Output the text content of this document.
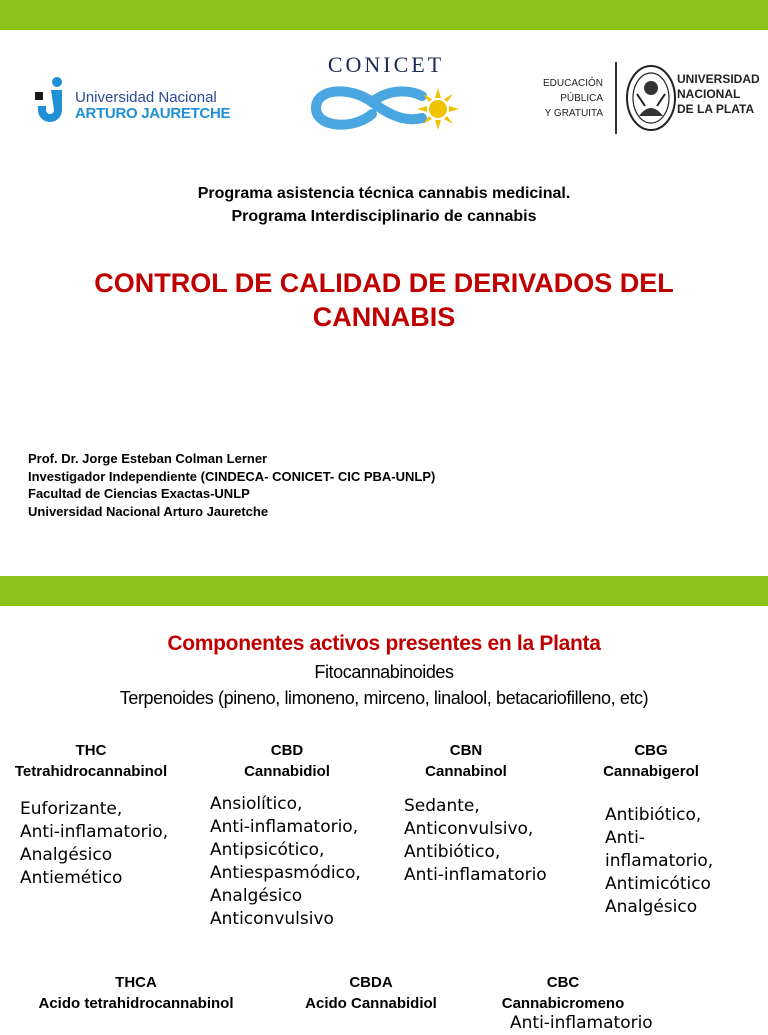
Universidad Nacional
ARTURO JAURETCHE
CONICET
EDUCACIÓN
PÚBLICA
Y GRATUITA
UNIVERSIDAD
NACIONAL
DE LA PLATA
Programa asistencia técnica cannabis medicinal.
Programa Interdisciplinario de cannabis
CONTROL DE CALIDAD DE DERIVADOS DEL
CANNABIS
Prof. Dr. Jorge Esteban Colman Lerner
Investigador Independiente (CINDECA- CONICET- CIC PBA-UNLP)
Facultad de Ciencias Exactas-UNLP
Universidad Nacional Arturo Jauretche
Componentes activos presentes en la Planta
Fitocannabinoides
Terpenoides (pineno, limoneno, mirceno, linalool, betacariofilleno, etc)
THC
Tetrahidrocannabinol
CBD
Cannabidiol
CBN
Cannabinol
CBG
Cannabigerol
Euforizante,
Anti-inflamatorio,
Analgésico
Antiemético
Ansiolítico,
Anti-inflamatorio,
Antipsicótico,
Antiespasmódico,
Analgésico
Anticonvulsivo
Sedante,
Anticonvulsivo,
Antibiótico,
Anti-inflamatorio
Antibiótico,
Anti-
inflamatorio,
Antimicótico
Analgésico
THCA
Acido tetrahidrocannabinol
CBDA
Acido Cannabidiol
CBC
Cannabicromeno
Anti-inflamatorio
